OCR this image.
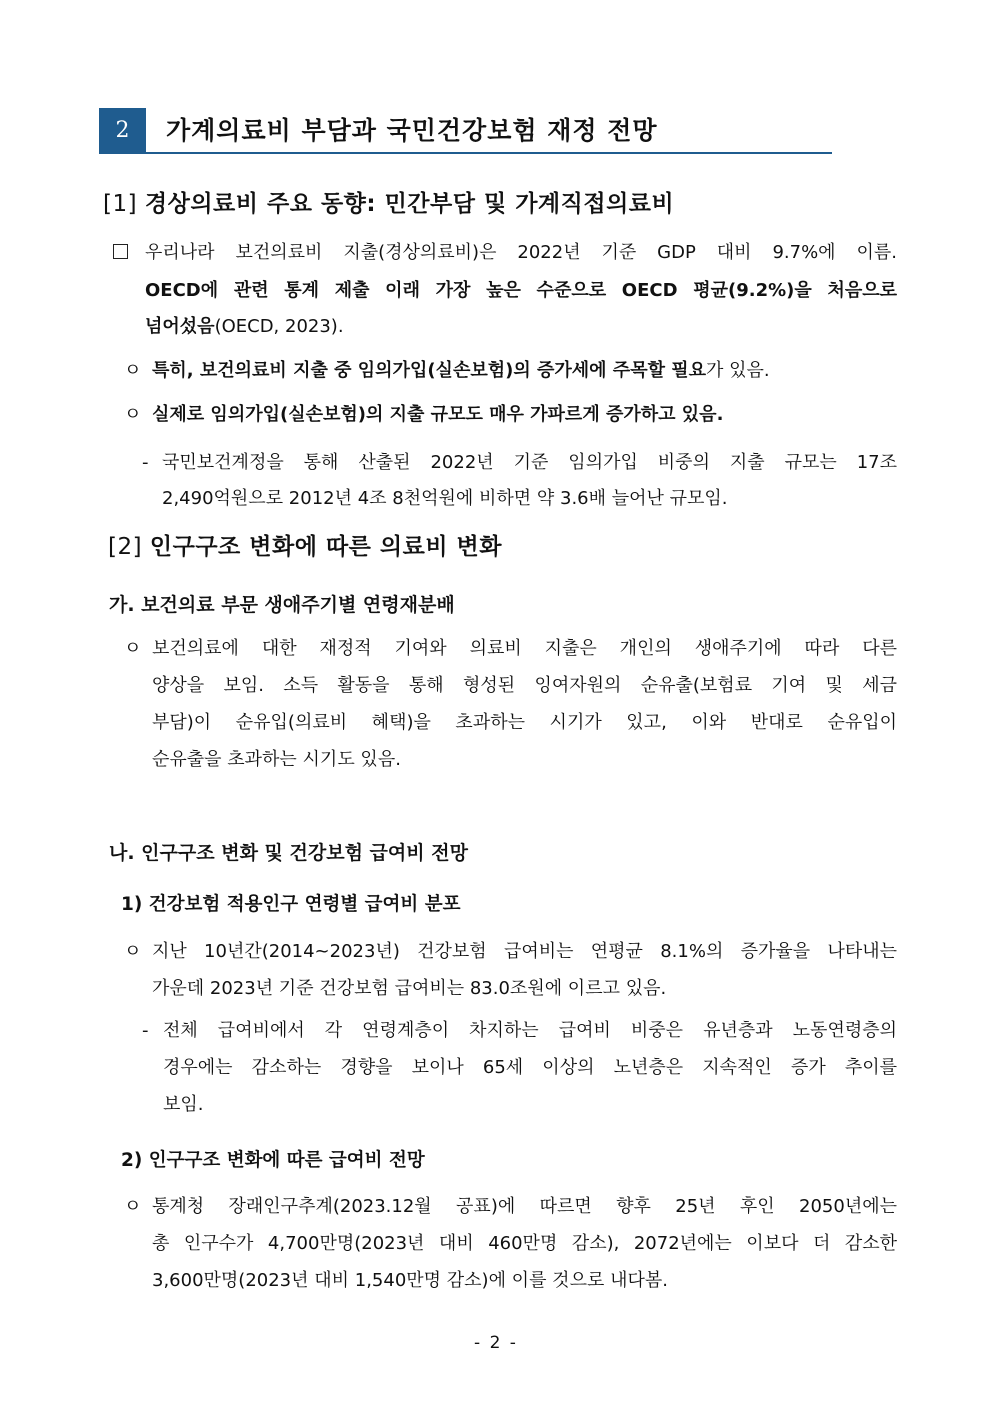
2	가계의료비 부담과 국민건강보험 재정 전망
[1] 경상의료비 주요 동향: 민간부담 및 가계직접의료비
우리나라 보건의료비 지출(경상의료비)은 2022년 기준 GDP 대비 9.7%에 이름.
OECD에 관련 통계 제출 이래 가장 높은 수준으로 OECD 평균(9.2%)을 처음으로
넘어섰음(OECD, 2023).
ㅇ 특히, 보건의료비 지출 중 임의가입(실손보험)의 증가세에 주목할 필요가 있음.
ㅇ 실제로 임의가입(실손보험)의 지출 규모도 매우 가파르게 증가하고 있음.
- 국민보건계정을 통해 산출된 2022년 기준 임의가입 비중의 지출 규모는 17조
2,490억원으로 2012년 4조 8천억원에 비하면 약 3.6배 늘어난 규모임.
[2] 인구구조 변화에 따른 의료비 변화
가. 보건의료 부문 생애주기별 연령재분배
ㅇ 보건의료에 대한 재정적 기여와 의료비 지출은 개인의 생애주기에 따라 다른
양상을 보임. 소득 활동을 통해 형성된 잉여자원의 순유출(보험료 기여 및 세금
부담)이 순유입(의료비 혜택)을 초과하는 시기가 있고, 이와 반대로 순유입이
순유출을 초과하는 시기도 있음.
나. 인구구조 변화 및 건강보험 급여비 전망
1) 건강보험 적용인구 연령별 급여비 분포
ㅇ 지난 10년간(2014~2023년) 건강보험 급여비는 연평균 8.1%의 증가율을 나타내는
가운데 2023년 기준 건강보험 급여비는 83.0조원에 이르고 있음.
- 전체 급여비에서 각 연령계층이 차지하는 급여비 비중은 유년층과 노동연령층의
경우에는 감소하는 경향을 보이나 65세 이상의 노년층은 지속적인 증가 추이를
보임.
2) 인구구조 변화에 따른 급여비 전망
ㅇ 통계청 장래인구추계(2023.12월 공표)에 따르면 향후 25년 후인 2050년에는
총 인구수가 4,700만명(2023년 대비 460만명 감소), 2072년에는 이보다 더 감소한
3,600만명(2023년 대비 1,540만명 감소)에 이를 것으로 내다봄.
- 2 -
